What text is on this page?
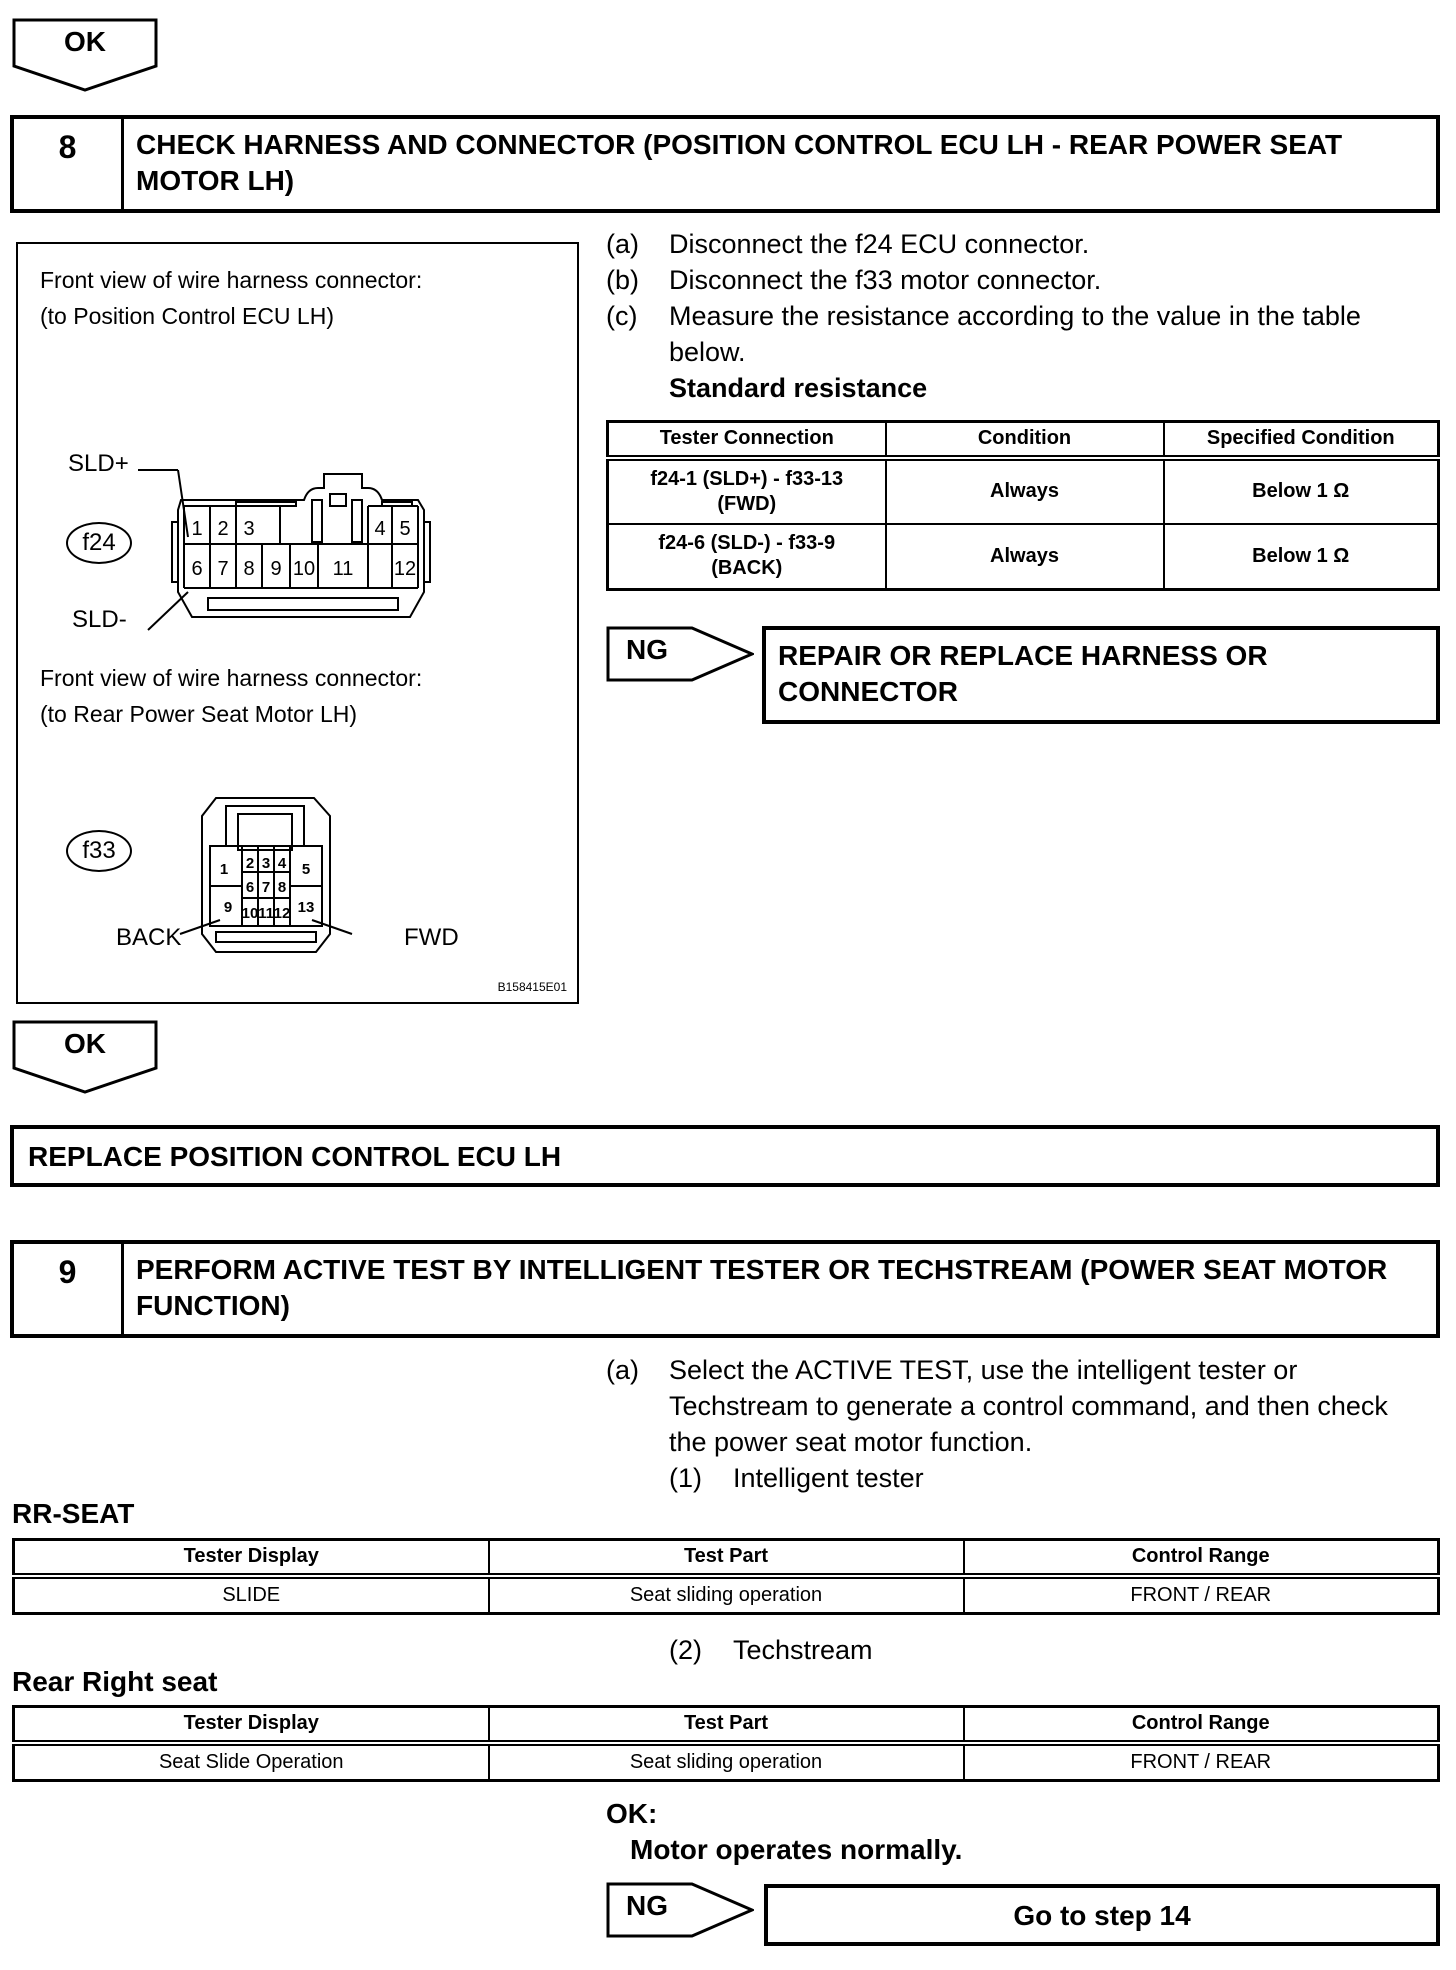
OK
8	CHECK HARNESS AND CONNECTOR (POSITION CONTROL ECU LH - REAR POWER SEAT MOTOR LH)
Front view of wire harness connector:
(to Position Control ECU LH)
SLD+
f24
SLD-
1 2 3	4 5
6 7 8 9 10 11 12
Front view of wire harness connector:
(to Rear Power Seat Motor LH)
f33
BACK	FWD
1 2 3 4 5
6 7 8
9 10 11 12 13
B158415E01
(a)	Disconnect the f24 ECU connector.
(b)	Disconnect the f33 motor connector.
(c)	Measure the resistance according to the value in the table below.
Standard resistance
Tester Connection	Condition	Specified Condition
f24-1 (SLD+) - f33-13
(FWD)	Always	Below 1 Ω
f24-6 (SLD-) - f33-9
(BACK)	Always	Below 1 Ω
NG	REPAIR OR REPLACE HARNESS OR
CONNECTOR
OK
REPLACE POSITION CONTROL ECU LH
9	PERFORM ACTIVE TEST BY INTELLIGENT TESTER OR TECHSTREAM (POWER SEAT MOTOR FUNCTION)
(a)	Select the ACTIVE TEST, use the intelligent tester or Techstream to generate a control command, and then check the power seat motor function.
(1)	Intelligent tester
RR-SEAT
Tester Display	Test Part	Control Range
SLIDE	Seat sliding operation	FRONT / REAR
(2)	Techstream
Rear Right seat
Tester Display	Test Part	Control Range
Seat Slide Operation	Seat sliding operation	FRONT / REAR
OK:
Motor operates normally.
NG	Go to step 14
